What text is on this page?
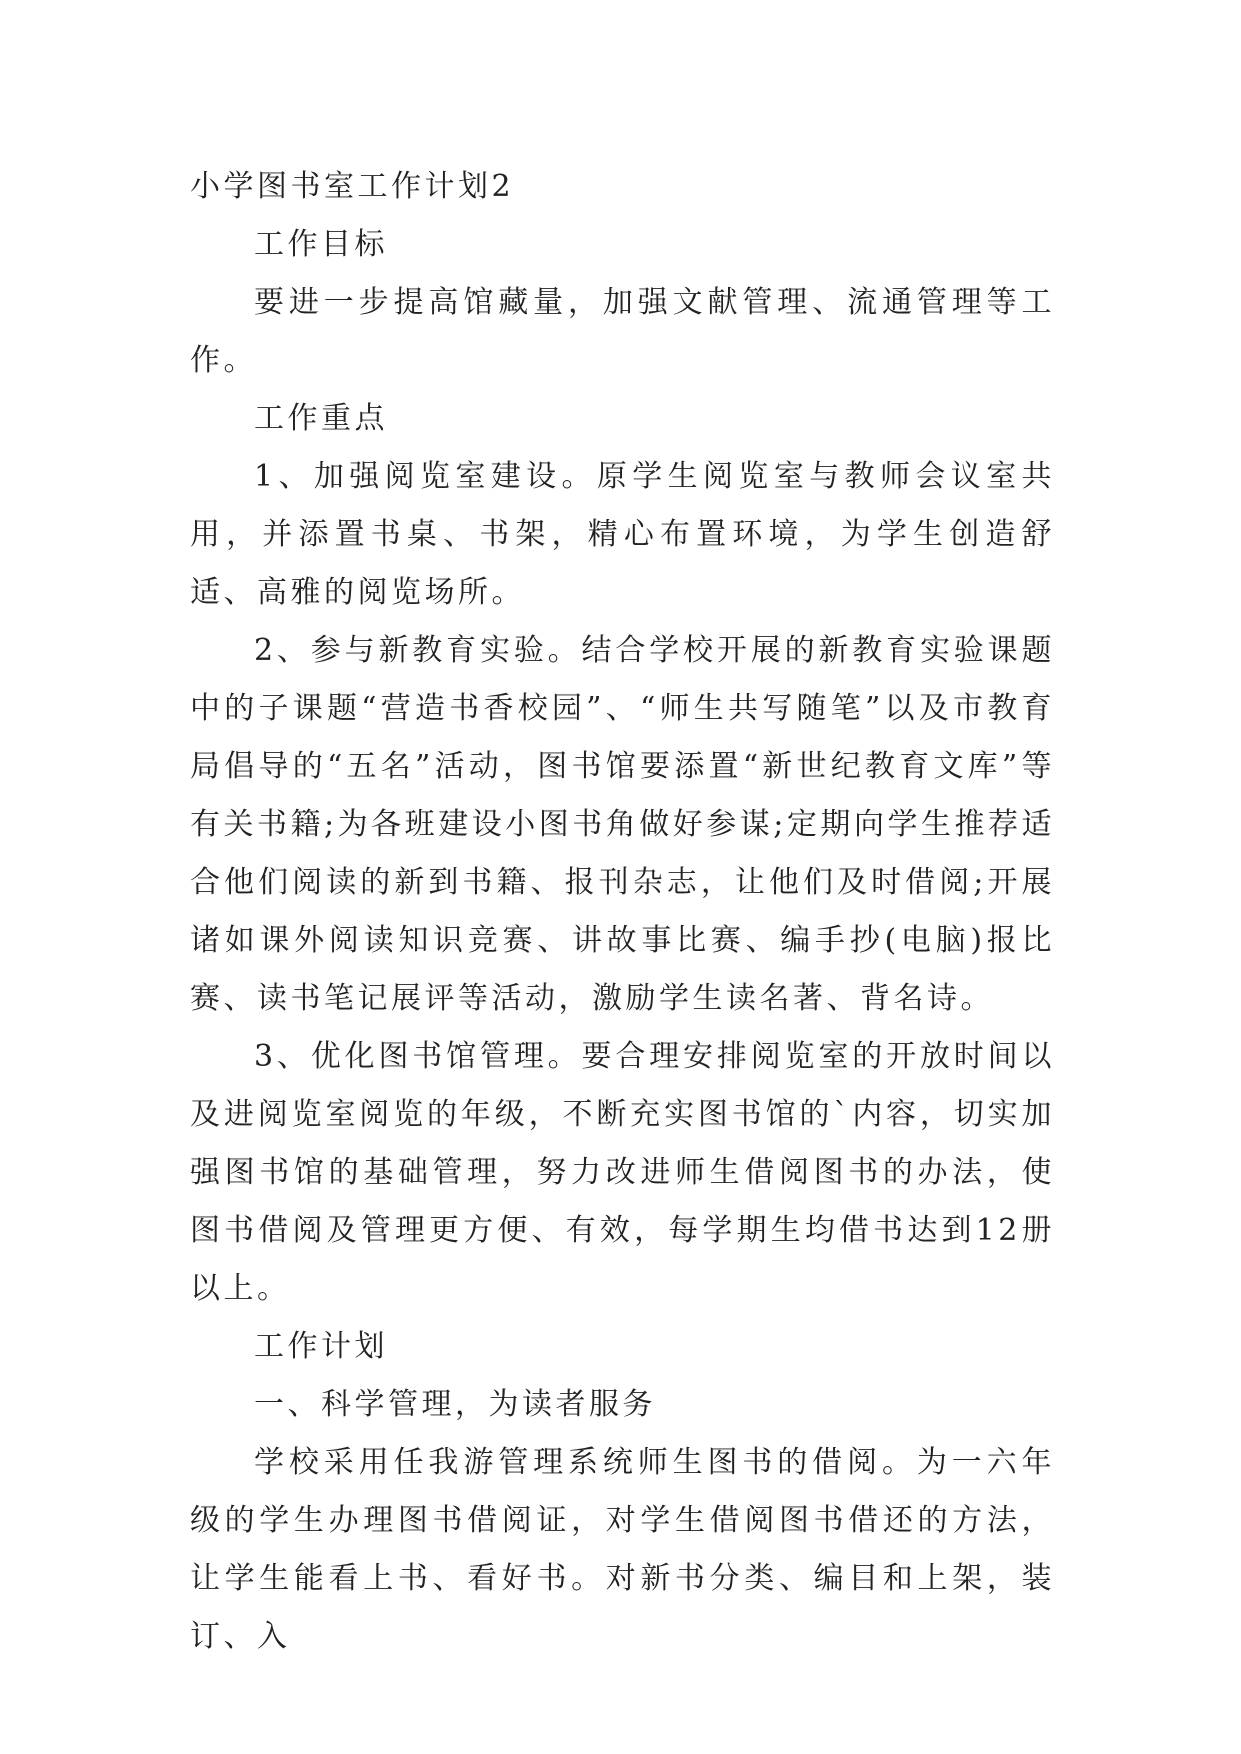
小学图书室工作计划2

工作目标

要进一步提高馆藏量，加强文献管理、流通管理等工作。

工作重点

1、加强阅览室建设。原学生阅览室与教师会议室共用，并添置书桌、书架，精心布置环境，为学生创造舒适、高雅的阅览场所。

2、参与新教育实验。结合学校开展的新教育实验课题中的子课题“营造书香校园”、“师生共写随笔”以及市教育局倡导的“五名”活动，图书馆要添置“新世纪教育文库”等有关书籍;为各班建设小图书角做好参谋;定期向学生推荐适合他们阅读的新到书籍、报刊杂志，让他们及时借阅;开展诸如课外阅读知识竞赛、讲故事比赛、编手抄(电脑)报比赛、读书笔记展评等活动，激励学生读名著、背名诗。

3、优化图书馆管理。要合理安排阅览室的开放时间以及进阅览室阅览的年级，不断充实图书馆的`内容，切实加强图书馆的基础管理，努力改进师生借阅图书的办法，使图书借阅及管理更方便、有效，每学期生均借书达到12册以上。

工作计划

一、科学管理，为读者服务

学校采用任我游管理系统师生图书的借阅。为一六年级的学生办理图书借阅证，对学生借阅图书借还的方法，让学生能看上书、看好书。对新书分类、编目和上架，装订、入
